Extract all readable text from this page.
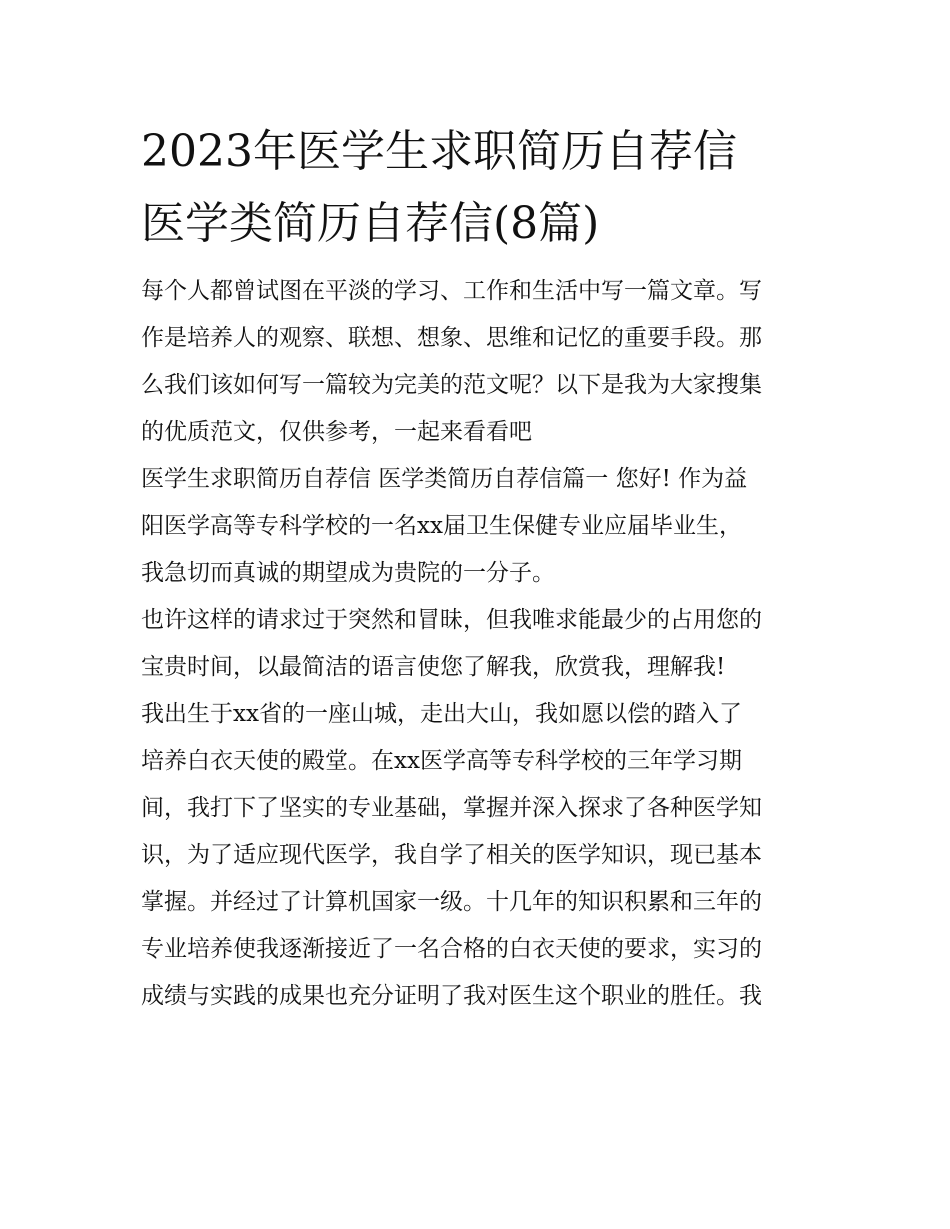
2023年医学生求职简历自荐信
医学类简历自荐信(8篇)
每个人都曾试图在平淡的学习、工作和生活中写一篇文章。写
作是培养人的观察、联想、想象、思维和记忆的重要手段。那
么我们该如何写一篇较为完美的范文呢？以下是我为大家搜集
的优质范文，仅供参考，一起来看看吧
医学生求职简历自荐信 医学类简历自荐信篇一 您好! 作为益
阳医学高等专科学校的一名xx届卫生保健专业应届毕业生，
我急切而真诚的期望成为贵院的一分子。
也许这样的请求过于突然和冒昧，但我唯求能最少的占用您的
宝贵时间，以最简洁的语言使您了解我，欣赏我，理解我!
我出生于xx省的一座山城，走出大山，我如愿以偿的踏入了
培养白衣天使的殿堂。在xx医学高等专科学校的三年学习期
间，我打下了坚实的专业基础，掌握并深入探求了各种医学知
识，为了适应现代医学，我自学了相关的医学知识，现已基本
掌握。并经过了计算机国家一级。十几年的知识积累和三年的
专业培养使我逐渐接近了一名合格的白衣天使的要求，实习的
成绩与实践的成果也充分证明了我对医生这个职业的胜任。我
